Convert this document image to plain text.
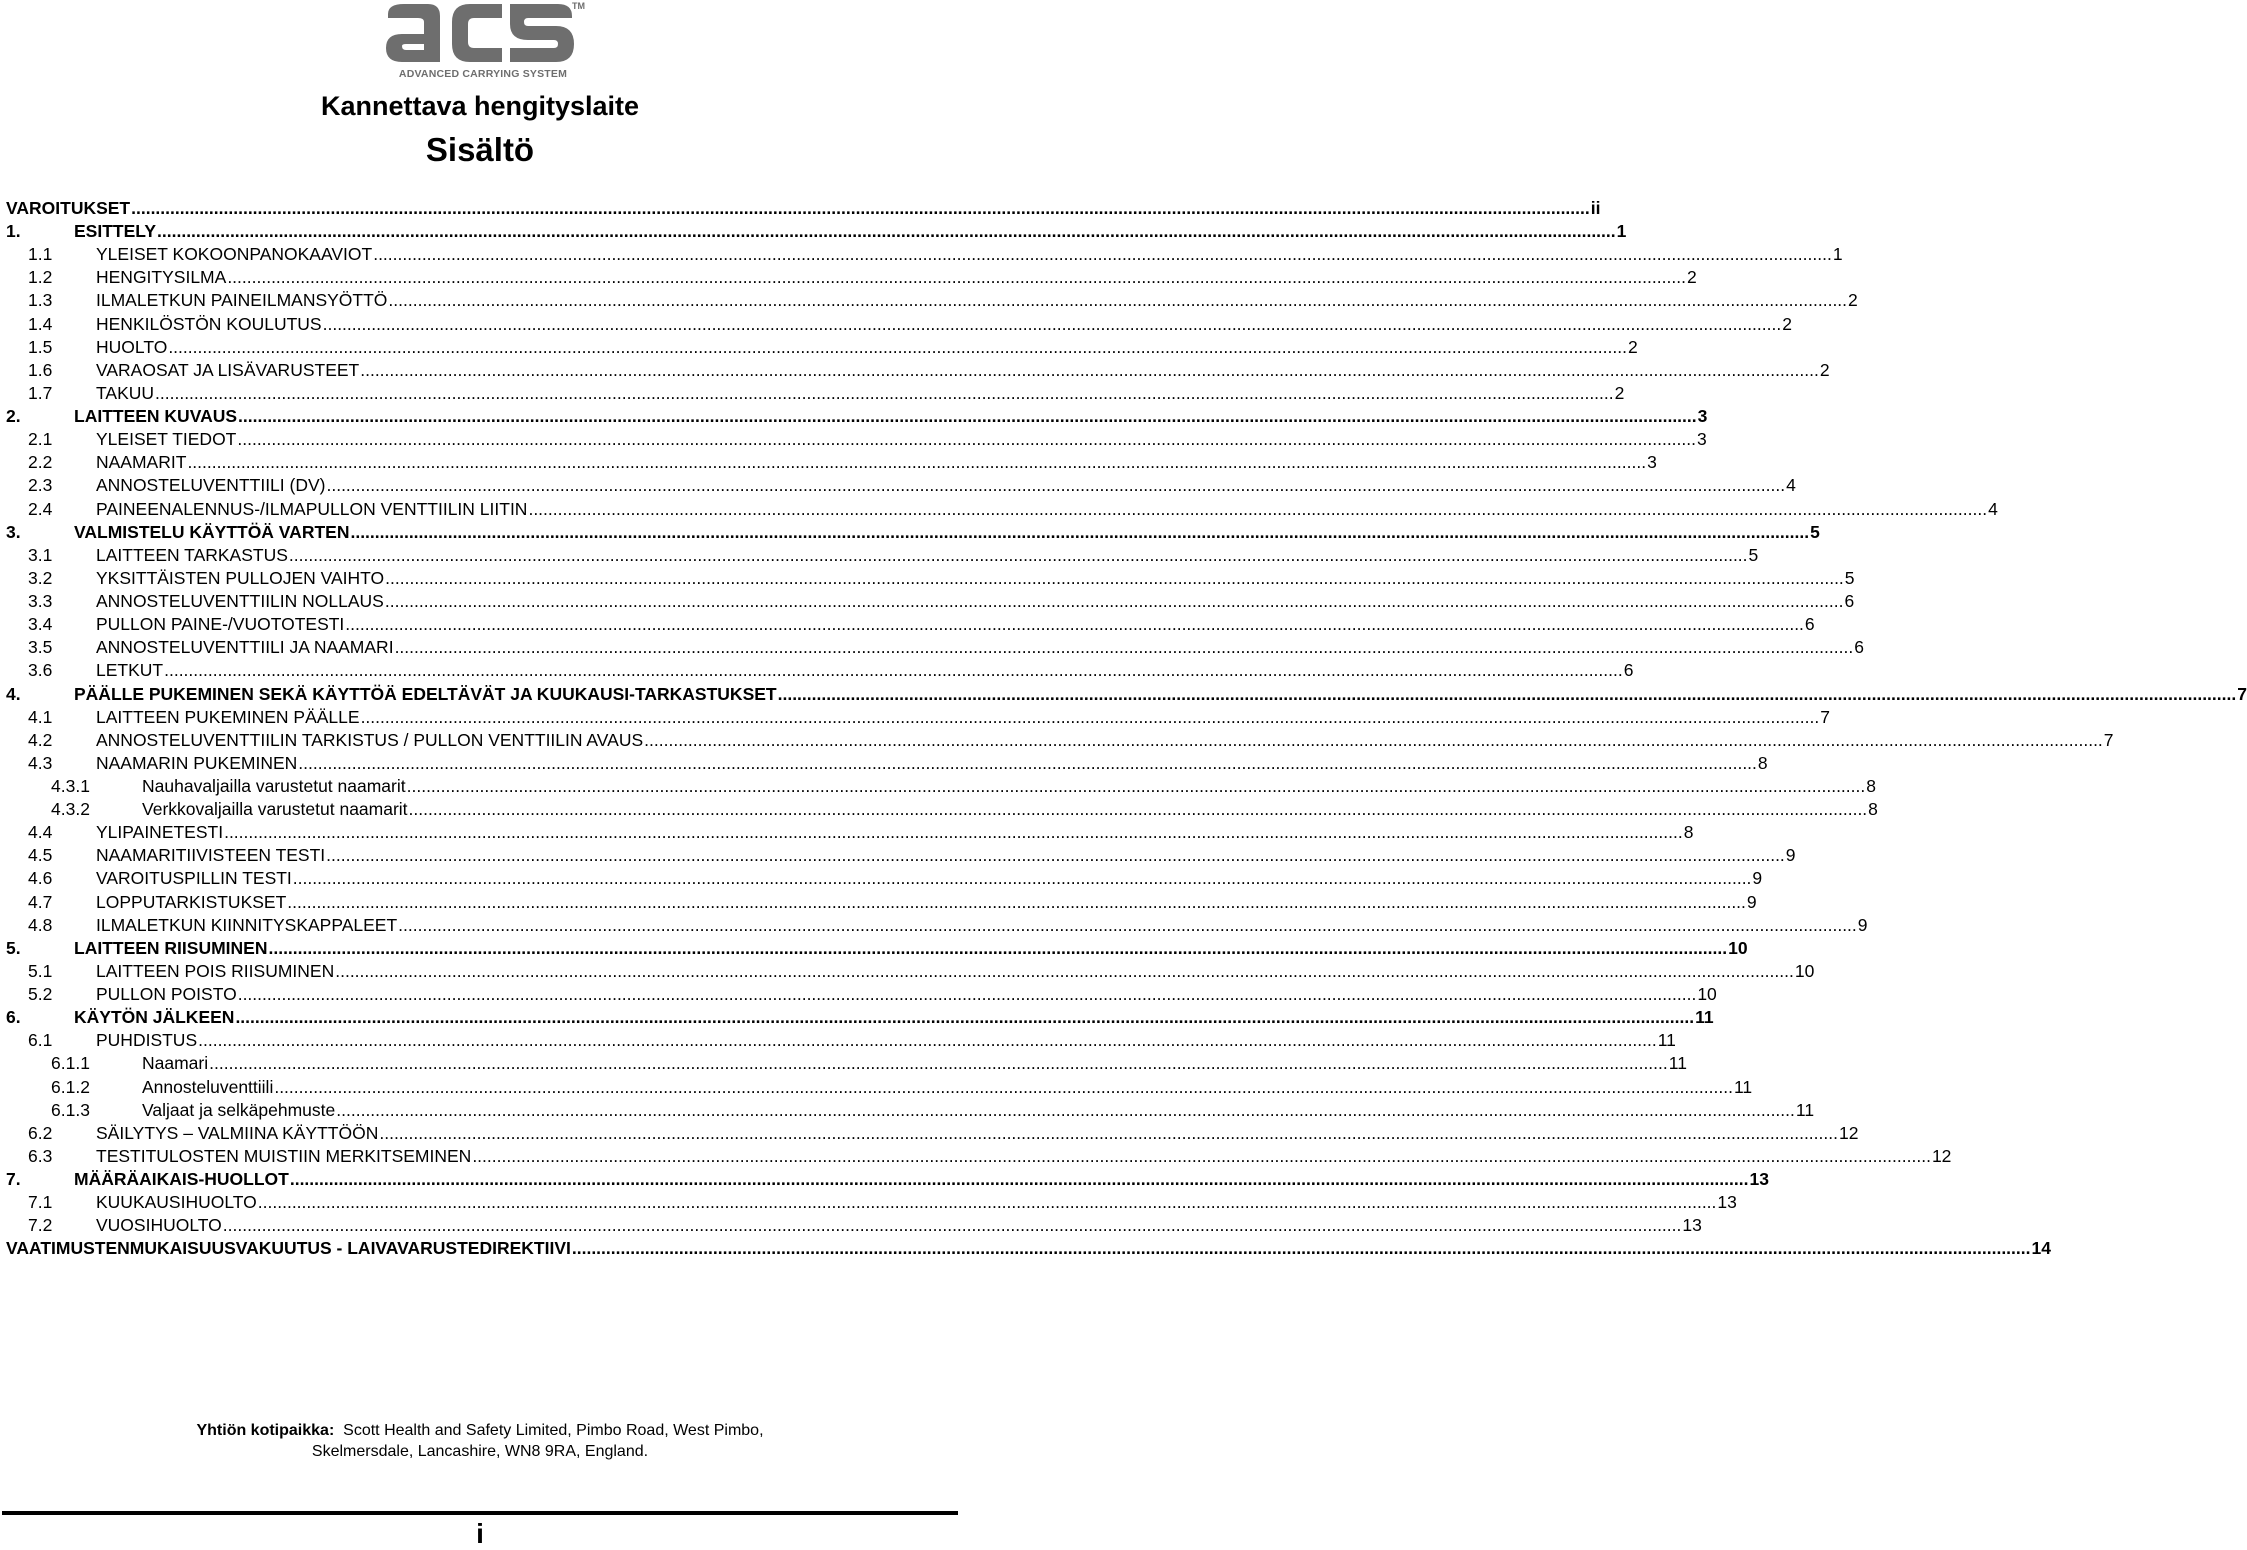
TM
ADVANCED CARRYING SYSTEM
Kannettava hengityslaite
Sisältö
VAROITUKSET ............................................................................................................................................................................................................................................................................................................ ii
1.	ESITTELY ............................................................................................................................................................................................................................................................................................................ 1
1.1	YLEISET KOKOONPANOKAAVIOT ............................................................................................................................................................................................................................................................................................................ 1
1.2	HENGITYSILMA ............................................................................................................................................................................................................................................................................................................ 2
1.3	ILMALETKUN PAINEILMANSYÖTTÖ ............................................................................................................................................................................................................................................................................................................ 2
1.4	HENKILÖSTÖN KOULUTUS ............................................................................................................................................................................................................................................................................................................ 2
1.5	HUOLTO ............................................................................................................................................................................................................................................................................................................ 2
1.6	VARAOSAT JA LISÄVARUSTEET ............................................................................................................................................................................................................................................................................................................ 2
1.7	TAKUU ............................................................................................................................................................................................................................................................................................................ 2
2.	LAITTEEN KUVAUS ............................................................................................................................................................................................................................................................................................................ 3
2.1	YLEISET TIEDOT ............................................................................................................................................................................................................................................................................................................ 3
2.2	NAAMARIT ............................................................................................................................................................................................................................................................................................................ 3
2.3	ANNOSTELUVENTTIILI (DV) ............................................................................................................................................................................................................................................................................................................ 4
2.4	PAINEENALENNUS-/ILMAPULLON VENTTIILIN LIITIN ............................................................................................................................................................................................................................................................................................................ 4
3.	VALMISTELU KÄYTTÖÄ VARTEN ............................................................................................................................................................................................................................................................................................................ 5
3.1	LAITTEEN TARKASTUS ............................................................................................................................................................................................................................................................................................................ 5
3.2	YKSITTÄISTEN PULLOJEN VAIHTO ............................................................................................................................................................................................................................................................................................................ 5
3.3	ANNOSTELUVENTTIILIN NOLLAUS ............................................................................................................................................................................................................................................................................................................ 6
3.4	PULLON PAINE-/VUOTOTESTI ............................................................................................................................................................................................................................................................................................................ 6
3.5	ANNOSTELUVENTTIILI JA NAAMARI ............................................................................................................................................................................................................................................................................................................ 6
3.6	LETKUT ............................................................................................................................................................................................................................................................................................................ 6
4.	PÄÄLLE PUKEMINEN SEKÄ KÄYTTÖÄ EDELTÄVÄT JA KUUKAUSI-TARKASTUKSET ............................................................................................................................................................................................................................................................................................................ 7
4.1	LAITTEEN PUKEMINEN PÄÄLLE ............................................................................................................................................................................................................................................................................................................ 7
4.2	ANNOSTELUVENTTIILIN TARKISTUS / PULLON VENTTIILIN AVAUS ............................................................................................................................................................................................................................................................................................................ 7
4.3	NAAMARIN PUKEMINEN ............................................................................................................................................................................................................................................................................................................ 8
4.3.1	Nauhavaljailla varustetut naamarit ............................................................................................................................................................................................................................................................................................................ 8
4.3.2	Verkkovaljailla varustetut naamarit ............................................................................................................................................................................................................................................................................................................ 8
4.4	YLIPAINETESTI ............................................................................................................................................................................................................................................................................................................ 8
4.5	NAAMARITIIVISTEEN TESTI ............................................................................................................................................................................................................................................................................................................ 9
4.6	VAROITUSPILLIN TESTI ............................................................................................................................................................................................................................................................................................................ 9
4.7	LOPPUTARKISTUKSET ............................................................................................................................................................................................................................................................................................................ 9
4.8	ILMALETKUN KIINNITYSKAPPALEET ............................................................................................................................................................................................................................................................................................................ 9
5.	LAITTEEN RIISUMINEN ............................................................................................................................................................................................................................................................................................................ 10
5.1	LAITTEEN POIS RIISUMINEN ............................................................................................................................................................................................................................................................................................................ 10
5.2	PULLON POISTO ............................................................................................................................................................................................................................................................................................................ 10
6.	KÄYTÖN JÄLKEEN ............................................................................................................................................................................................................................................................................................................ 11
6.1	PUHDISTUS ............................................................................................................................................................................................................................................................................................................ 11
6.1.1	Naamari ............................................................................................................................................................................................................................................................................................................ 11
6.1.2	Annosteluventtiili ............................................................................................................................................................................................................................................................................................................ 11
6.1.3	Valjaat ja selkäpehmuste ............................................................................................................................................................................................................................................................................................................ 11
6.2	SÄILYTYS – VALMIINA KÄYTTÖÖN ............................................................................................................................................................................................................................................................................................................ 12
6.3	TESTITULOSTEN MUISTIIN MERKITSEMINEN ............................................................................................................................................................................................................................................................................................................ 12
7.	MÄÄRÄAIKAIS-HUOLLOT ............................................................................................................................................................................................................................................................................................................ 13
7.1	KUUKAUSIHUOLTO ............................................................................................................................................................................................................................................................................................................ 13
7.2	VUOSIHUOLTO ............................................................................................................................................................................................................................................................................................................ 13
VAATIMUSTENMUKAISUUSVAKUUTUS - LAIVAVARUSTEDIREKTIIVI ............................................................................................................................................................................................................................................................................................................ 14
Yhtiön kotipaikka: Scott Health and Safety Limited, Pimbo Road, West Pimbo,
Skelmersdale, Lancashire, WN8 9RA, England.
i
